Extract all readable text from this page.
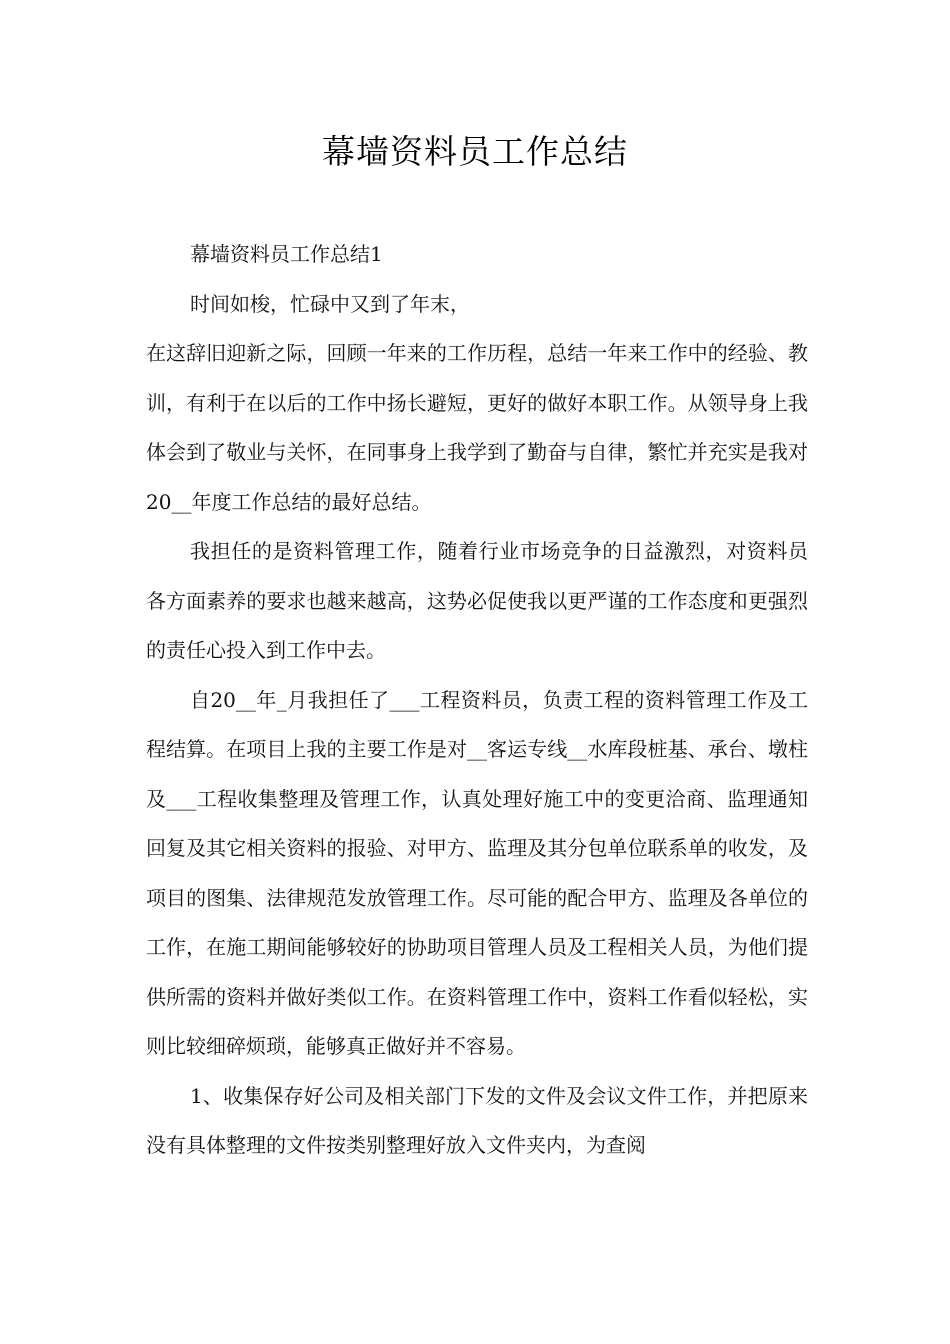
幕墙资料员工作总结

幕墙资料员工作总结1

时间如梭，忙碌中又到了年末，

在这辞旧迎新之际，回顾一年来的工作历程，总结一年来工作中的经验、教训，有利于在以后的工作中扬长避短，更好的做好本职工作。从领导身上我体会到了敬业与关怀，在同事身上我学到了勤奋与自律，繁忙并充实是我对20__年度工作总结的最好总结。

我担任的是资料管理工作，随着行业市场竞争的日益激烈，对资料员各方面素养的要求也越来越高，这势必促使我以更严谨的工作态度和更强烈的责任心投入到工作中去。

自20__年_月我担任了___工程资料员，负责工程的资料管理工作及工程结算。在项目上我的主要工作是对__客运专线__水库段桩基、承台、墩柱及___工程收集整理及管理工作，认真处理好施工中的变更洽商、监理通知回复及其它相关资料的报验、对甲方、监理及其分包单位联系单的收发，及项目的图集、法律规范发放管理工作。尽可能的配合甲方、监理及各单位的工作，在施工期间能够较好的协助项目管理人员及工程相关人员，为他们提供所需的资料并做好类似工作。在资料管理工作中，资料工作看似轻松，实则比较细碎烦琐，能够真正做好并不容易。

1、收集保存好公司及相关部门下发的文件及会议文件工作，并把原来没有具体整理的文件按类别整理好放入文件夹内，为查阅
